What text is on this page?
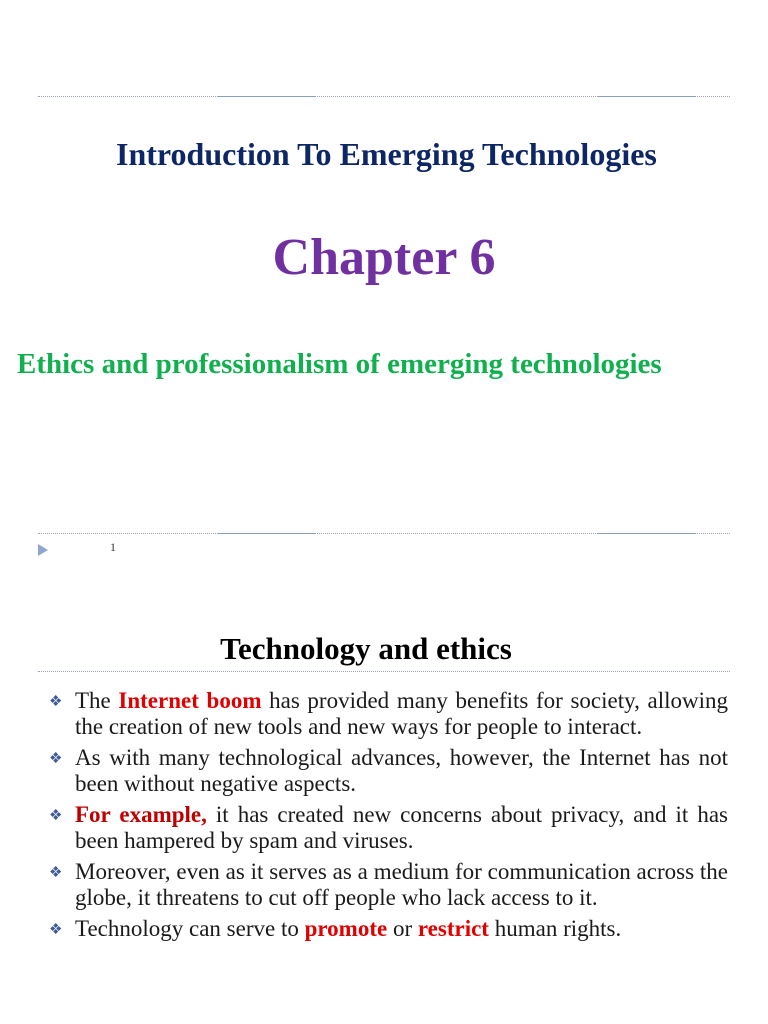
Introduction To Emerging Technologies
Chapter 6
Ethics and professionalism of emerging technologies
1
Technology and ethics
❖ The Internet boom has provided many benefits for society, allowing the creation of new tools and new ways for people to interact.
❖ As with many technological advances, however, the Internet has not been without negative aspects.
❖ For example, it has created new concerns about privacy, and it has been hampered by spam and viruses.
❖ Moreover, even as it serves as a medium for communication across the globe, it threatens to cut off people who lack access to it.
❖ Technology can serve to promote or restrict human rights.
